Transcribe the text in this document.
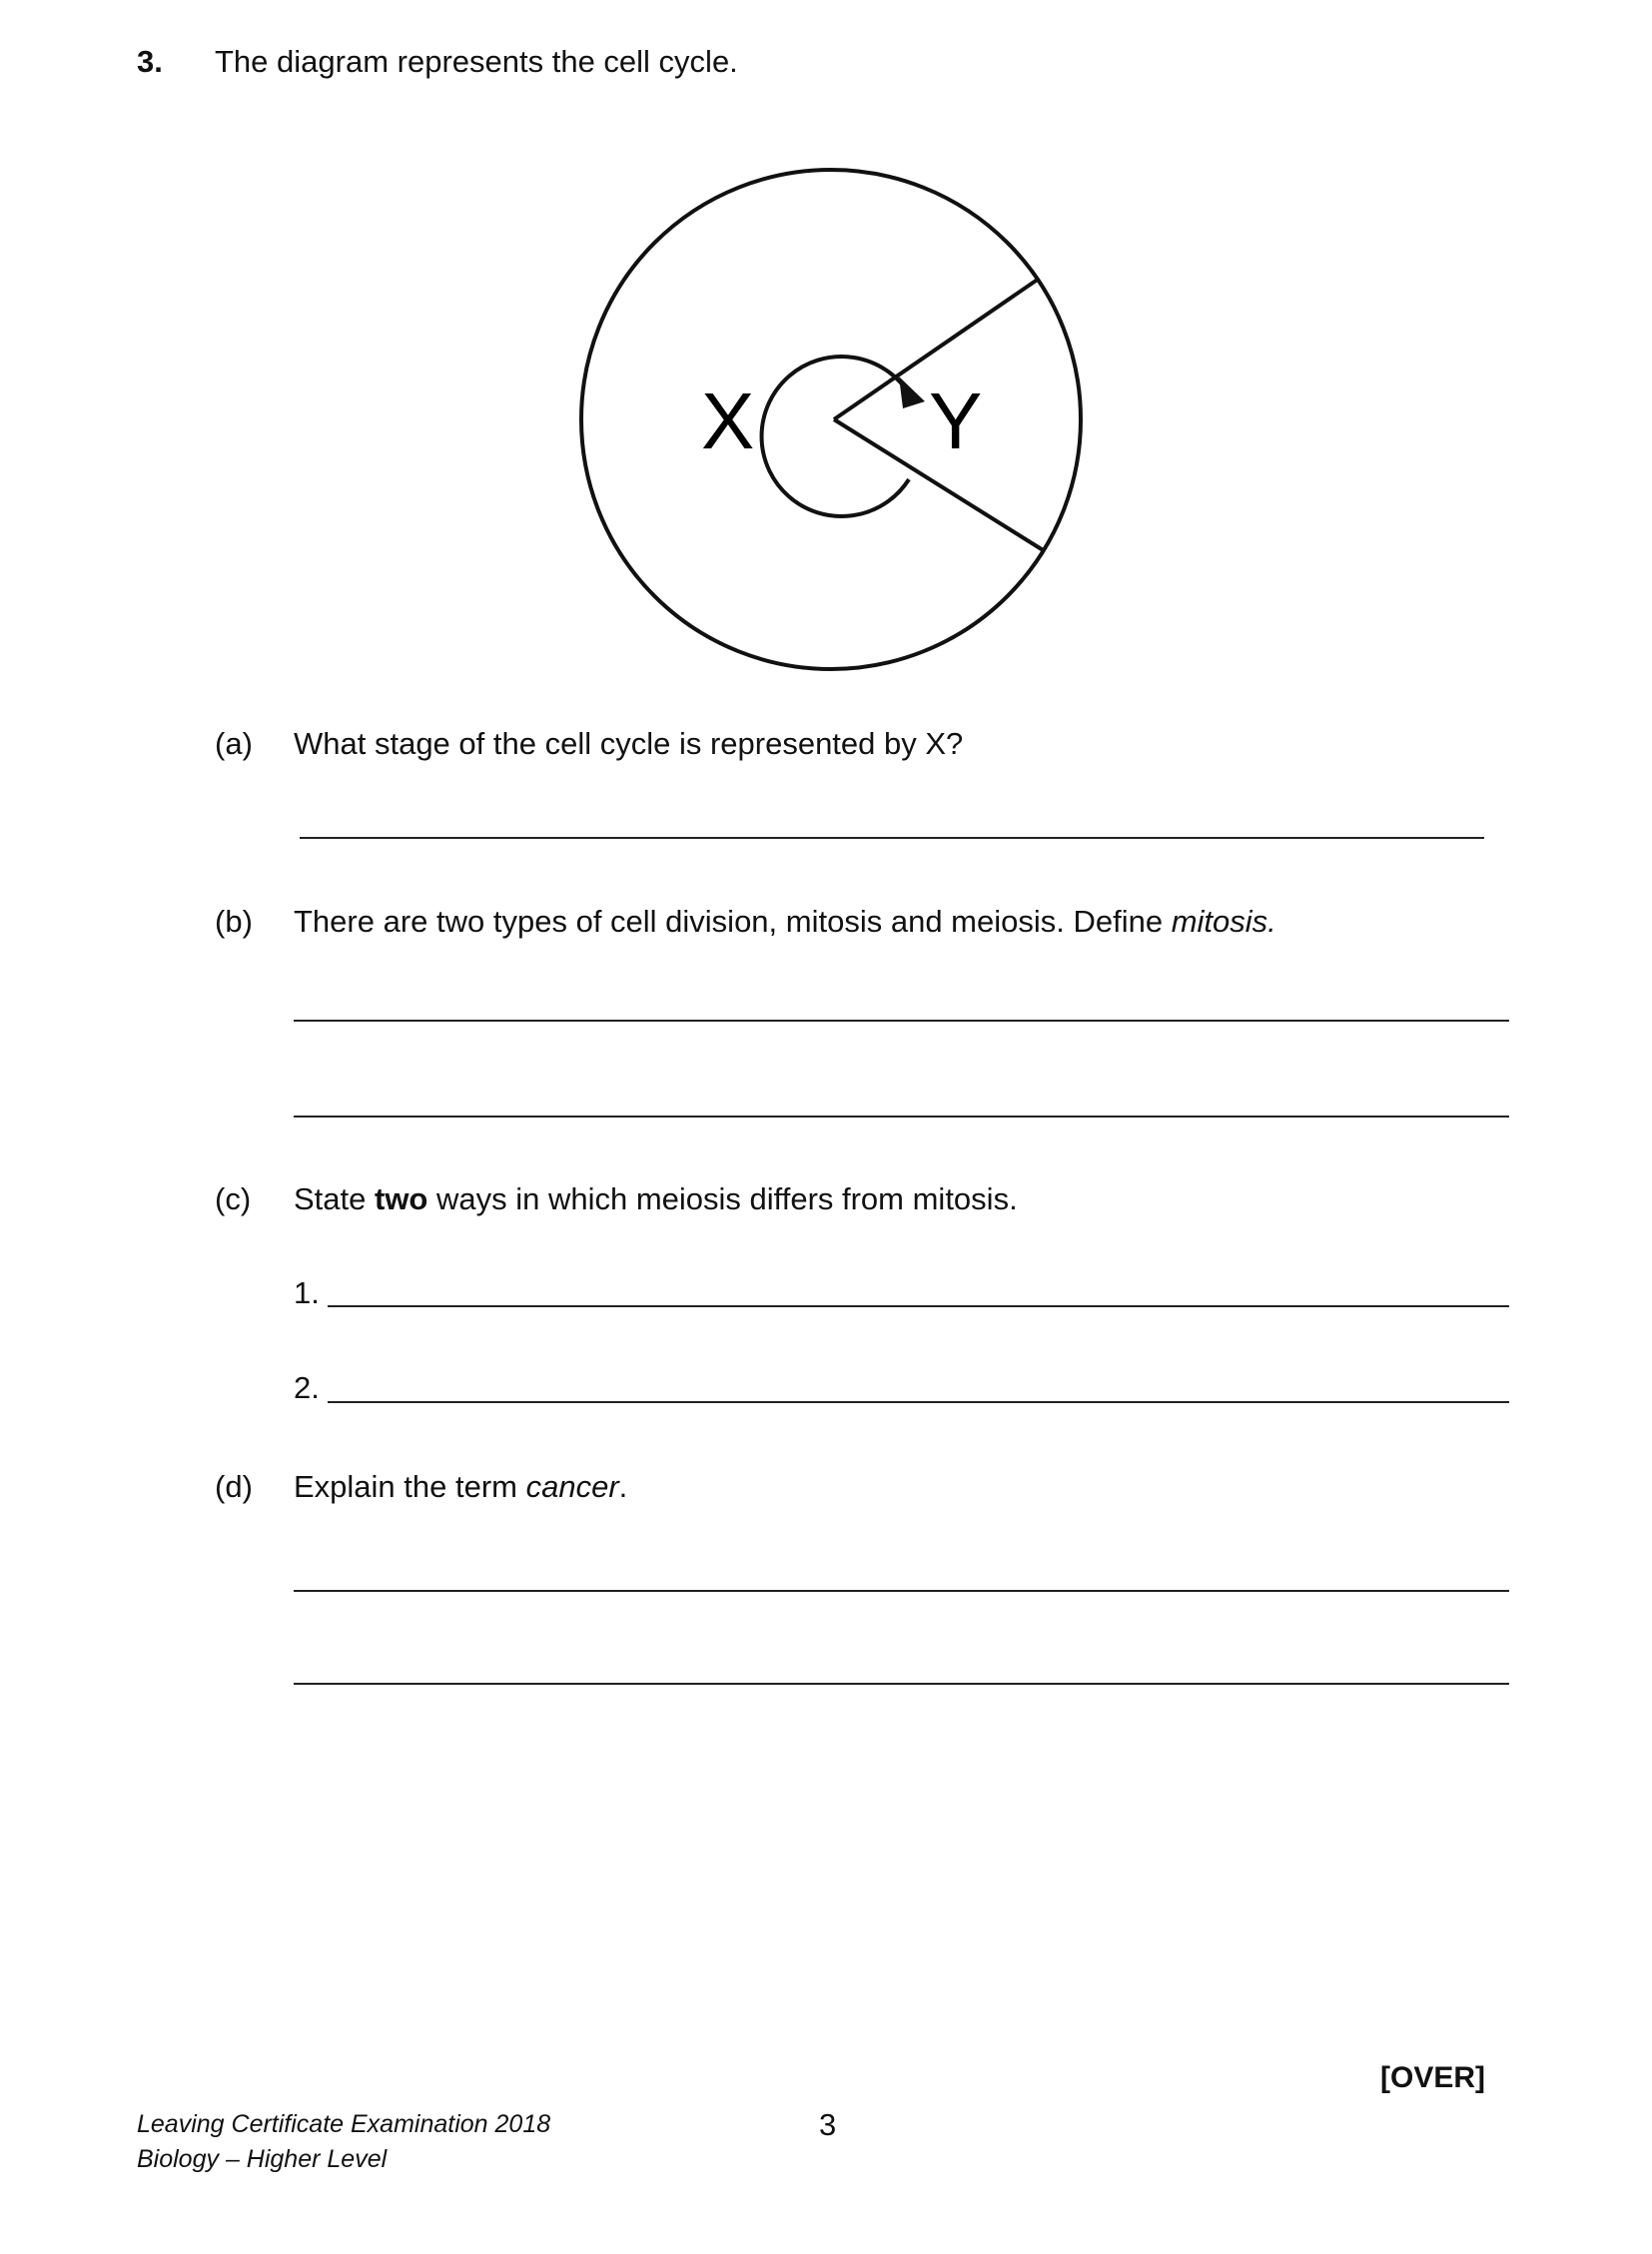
3. The diagram represents the cell cycle.
X Y
(a) What stage of the cell cycle is represented by X?
(b) There are two types of cell division, mitosis and meiosis. Define mitosis.
(c) State two ways in which meiosis differs from mitosis.
1.
2.
(d) Explain the term cancer.
[OVER]
3
Leaving Certificate Examination 2018
Biology – Higher Level
